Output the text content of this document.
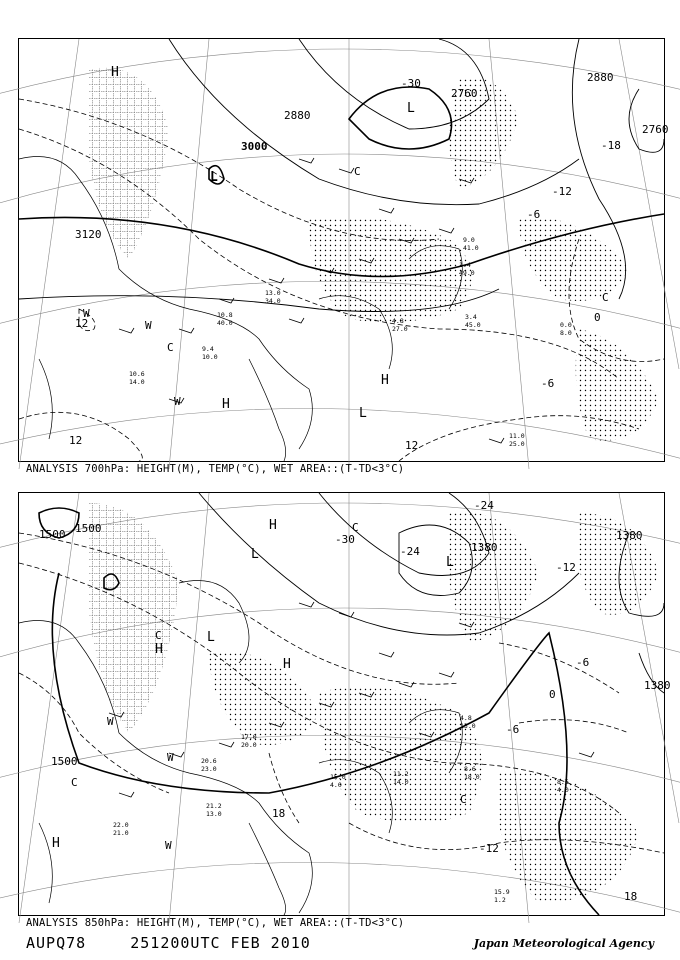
3000
3120
2880
2880
2760
2760
-30
-18
-12
-6
0
12
12	12
-6
H
L
L
H
H
L
W
W
W
C
C
C
11.0 25.0
4.8 27.0
3.4 45.0
1.4 49.0
9.0 41.0
10.6 14.0
9.4 10.0
10.8 40.0
13.0 34.0
0.0 8.0
ANALYSIS 700hPa: HEIGHT(M), TEMP(°C), WET AREA::(T-TD<3°C)
1500 1500
1500
1380
1380
1380
-24
-24
-30
-12
-6
0
18
18
-12
-6
H
L
L
H
H
L
H
W
W
W
C
C
C
C
15.9 1.2
11.2 14.0
8.6 18.0
8.6 4.0
4.8 13.0
21.2 13.0
22.0 21.0
15.0 4.0
20.6 23.0
17.0 20.0
ANALYSIS 850hPa: HEIGHT(M), TEMP(°C), WET AREA::(T-TD<3°C)
AUPQ78	251200UTC FEB 2010	Japan Meteorological Agency
